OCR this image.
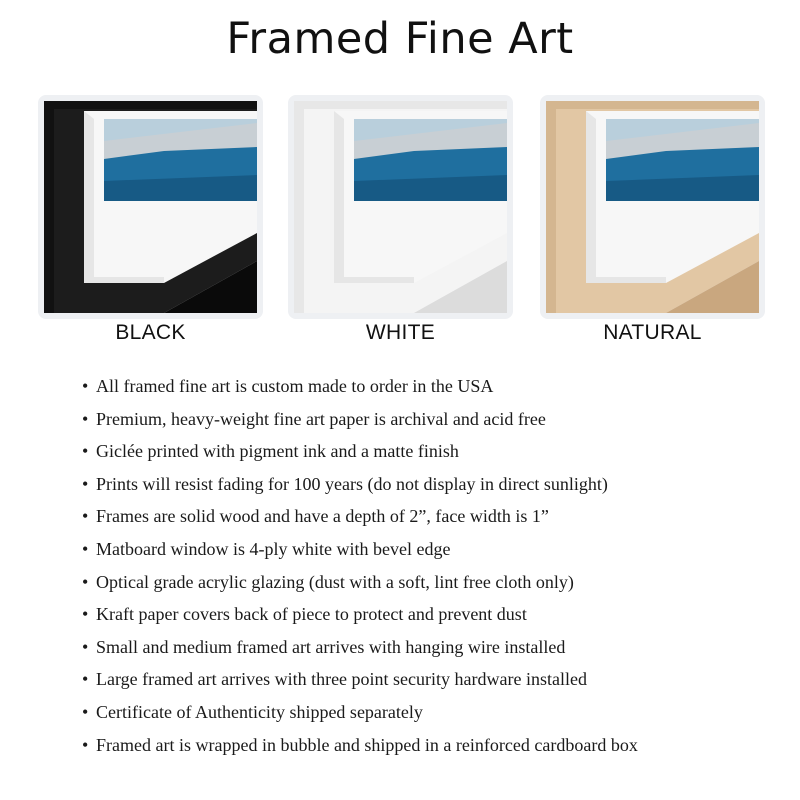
Framed Fine Art
BLACK	WHITE	NATURAL
• All framed fine art is custom made to order in the USA
• Premium, heavy-weight fine art paper is archival and acid free
• Giclée printed with pigment ink and a matte finish
• Prints will resist fading for 100 years (do not display in direct sunlight)
• Frames are solid wood and have a depth of 2”, face width is 1”
• Matboard window is 4-ply white with bevel edge
• Optical grade acrylic glazing (dust with a soft, lint free cloth only)
• Kraft paper covers back of piece to protect and prevent dust
• Small and medium framed art arrives with hanging wire installed
• Large framed art arrives with three point security hardware installed
• Certificate of Authenticity shipped separately
• Framed art is wrapped in bubble and shipped in a reinforced cardboard box
